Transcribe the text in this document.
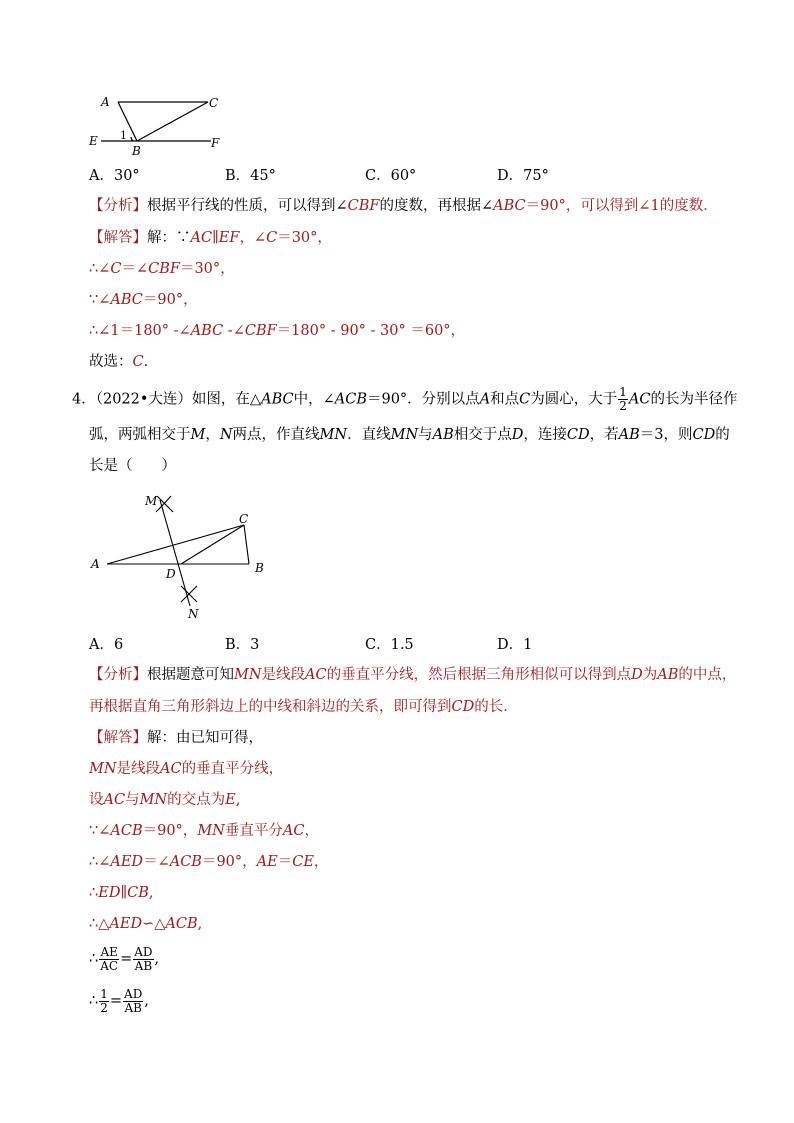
A	C
E 1
B
F
A．30°	B．45°	C．60°	D．75°
【分析】根据平行线的性质，可以得到∠CBF的度数，再根据∠ABC＝90°，可以得到∠1的度数．
【解答】解：∵AC∥EF，∠C＝30°，
∴∠C＝∠CBF＝30°，
∵∠ABC＝90°，
∴∠1＝180° -∠ABC -∠CBF＝180° - 90° - 30° ＝60°，
故选：C．
4．（2022•大连）如图，在△ABC中，∠ACB＝90°．分别以点A和点C为圆心，大于 $\frac{1}{2}$ AC的长为半径作
弧，两弧相交于M，N两点，作直线MN．直线MN与AB相交于点D，连接CD，若AB＝3，则CD的
长是（　　）
M
C
A
D	B
N
A．6	B．3	C．1.5	D．1
【分析】根据题意可知MN是线段AC的垂直平分线，然后根据三角形相似可以得到点D为AB的中点，
再根据直角三角形斜边上的中线和斜边的关系，即可得到CD的长．
【解答】解：由已知可得，
MN是线段AC的垂直平分线，
设AC与MN的交点为E,
∵∠ACB＝90°，MN垂直平分AC，
∴∠AED＝∠ACB＝90°，AE＝CE，
∴ED∥CB,
∴△AED∽△ACB,
∴ $\frac{AE}{AC} = \frac{AD}{AB}$ ,
∴ $\frac{1}{2} = \frac{AD}{AB}$ ,
